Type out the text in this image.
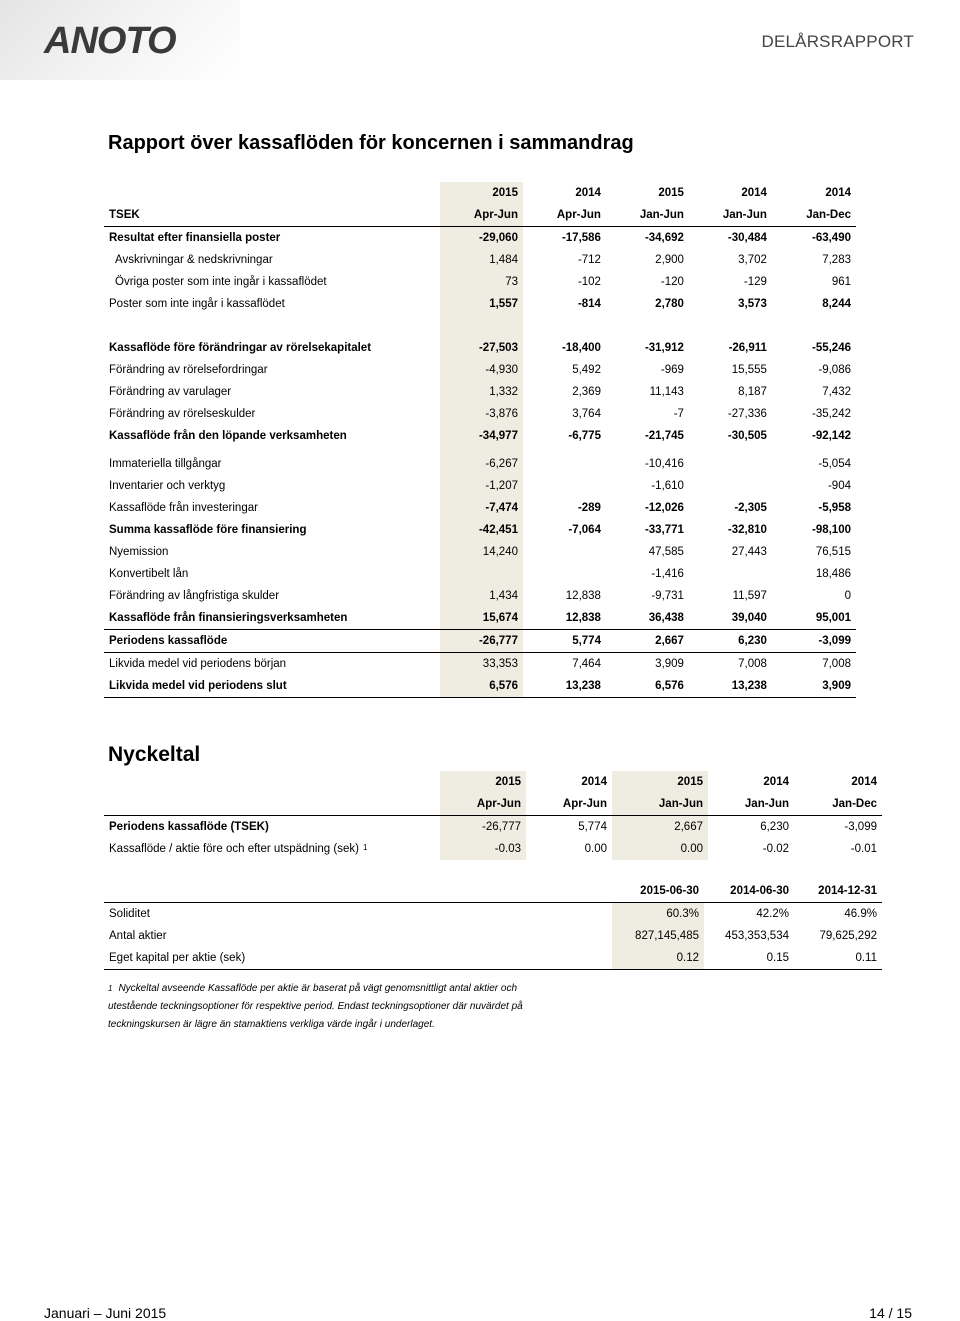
ANOTO	DELÅRSRAPPORT
Rapport över kassaflöden för koncernen i sammandrag
	2015	2014	2015	2014	2014
TSEK	Apr-Jun	Apr-Jun	Jan-Jun	Jan-Jun	Jan-Dec
Resultat efter finansiella poster	-29,060	-17,586	-34,692	-30,484	-63,490
Avskrivningar & nedskrivningar	1,484	-712	2,900	3,702	7,283
Övriga poster som inte ingår i kassaflödet	73	-102	-120	-129	961
Poster som inte ingår i kassaflödet	1,557	-814	2,780	3,573	8,244

Kassaflöde före förändringar av rörelsekapitalet	-27,503	-18,400	-31,912	-26,911	-55,246
Förändring av rörelsefordringar	-4,930	5,492	-969	15,555	-9,086
Förändring av varulager	1,332	2,369	11,143	8,187	7,432
Förändring av rörelseskulder	-3,876	3,764	-7	-27,336	-35,242
Kassaflöde från den löpande verksamheten	-34,977	-6,775	-21,745	-30,505	-92,142

Immateriella tillgångar	-6,267		-10,416		-5,054
Inventarier och verktyg	-1,207		-1,610		-904
Kassaflöde från investeringar	-7,474	-289	-12,026	-2,305	-5,958
Summa kassaflöde före finansiering	-42,451	-7,064	-33,771	-32,810	-98,100
Nyemission	14,240		47,585	27,443	76,515
Konvertibelt lån			-1,416		18,486
Förändring av långfristiga skulder	1,434	12,838	-9,731	11,597	0
Kassaflöde från finansieringsverksamheten	15,674	12,838	36,438	39,040	95,001
Periodens kassaflöde	-26,777	5,774	2,667	6,230	-3,099
Likvida medel vid periodens början	33,353	7,464	3,909	7,008	7,008
Likvida medel vid periodens slut	6,576	13,238	6,576	13,238	3,909
Nyckeltal
	2015	2014	2015	2014	2014
	Apr-Jun	Apr-Jun	Jan-Jun	Jan-Jun	Jan-Dec
Periodens kassaflöde (TSEK)	-26,777	5,774	2,667	6,230	-3,099
Kassaflöde / aktie före och efter utspädning (sek) $^1$	-0.03	0.00	0.00	-0.02	-0.01
	2015-06-30	2014-06-30	2014-12-31
Soliditet	60.3%	42.2%	46.9%
Antal aktier	827,145,485	453,353,534	79,625,292
Eget kapital per aktie (sek)	0.12	0.15	0.11
$^1$ Nyckeltal avseende Kassaflöde per aktie är baserat på vägt genomsnittligt antal aktier och utestående teckningsoptioner för respektive period. Endast teckningsoptioner där nuvärdet på teckningskursen är lägre än stamaktiens verkliga värde ingår i underlaget.
Januari – Juni 2015	14 / 15
